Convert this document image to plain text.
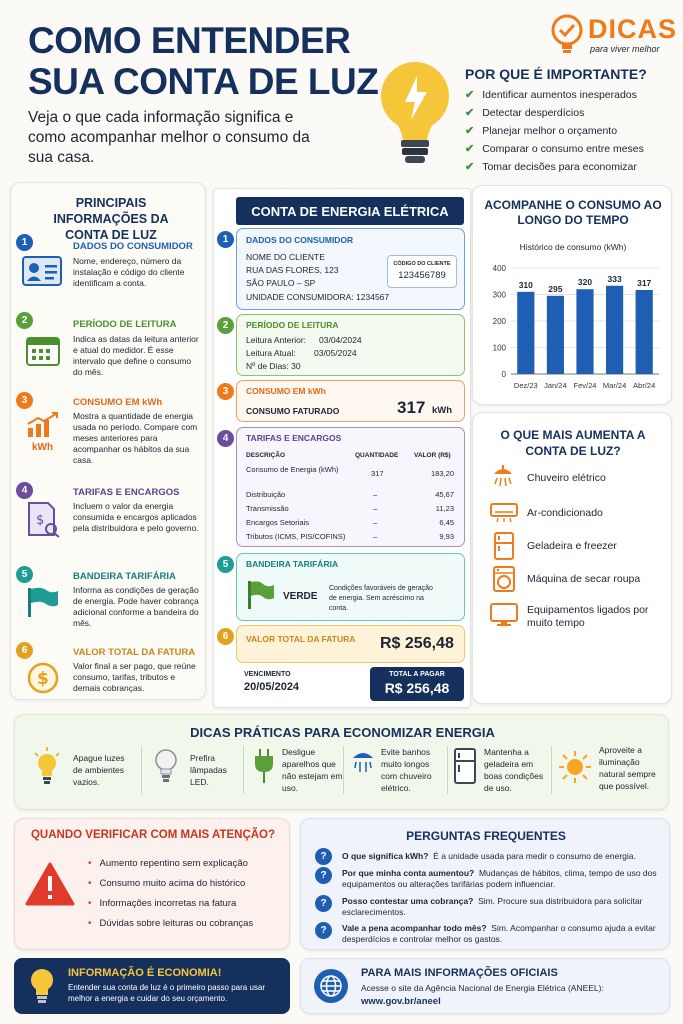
COMO ENTENDER
SUA CONTA DE LUZ
Veja o que cada informação significa e como acompanhar melhor o consumo da sua casa.
DICAS
para viver melhor
POR QUE É IMPORTANTE?
✔ Identificar aumentos inesperados
✔ Detectar desperdícios
✔ Planejar melhor o orçamento
✔ Comparar o consumo entre meses
✔ Tomar decisões para economizar
PRINCIPAIS INFORMAÇÕES DA CONTA DE LUZ
1	DADOS DO CONSUMIDOR
Nome, endereço, número da instalação e código do cliente identificam a conta.
2	PERÍODO DE LEITURA
Indica as datas da leitura anterior e atual do medidor. É esse intervalo que define o consumo do mês.
3
kWh
CONSUMO EM kWh
Mostra a quantidade de energia usada no período. Compare com meses anteriores para acompanhar os hábitos da sua casa.
4
$
TARIFAS E ENCARGOS
Incluem o valor da energia consumida e encargos aplicados pela distribuidora e pelo governo.
5	BANDEIRA TARIFÁRIA
Informa as condições de geração de energia. Pode haver cobrança adicional conforme a bandeira do mês.
6
$
VALOR TOTAL DA FATURA
Valor final a ser pago, que reúne consumo, tarifas, tributos e demais cobranças.
CONTA DE ENERGIA ELÉTRICA
1	DADOS DO CONSUMIDOR
NOME DO CLIENTE
RUA DAS FLORES, 123
SÃO PAULO – SP
UNIDADE CONSUMIDORA: 1234567
CÓDIGO DO CLIENTE
123456789
2	PERÍODO DE LEITURA
Leitura Anterior: 03/04/2024
Leitura Atual: 03/05/2024
Nº de Dias: 30
3	CONSUMO EM kWh
CONSUMO FATURADO	317 kWh
4	TARIFAS E ENCARGOS
DESCRIÇÃO	QUANTIDADE VALOR (R$)
Consumo de Energia (kWh)	317	183,20
Distribuição	–	45,67
Transmissão	–	11,23
Encargos Setoriais	–	6,45
Tributos (ICMS, PIS/COFINS)	–	9,93
5	BANDEIRA TARIFÁRIA
VERDE
Condições favoráveis de geração de energia. Sem acréscimo na conta.
6	VALOR TOTAL DA FATURA R$ 256,48
VENCIMENTO
20/05/2024
TOTAL A PAGAR
R$ 256,48
ACOMPANHE O CONSUMO AO LONGO DO TEMPO
Histórico de consumo (kWh)
0
100
200
300
400
310
Dez/23
295
Jan/24
320
Fev/24
333
Mar/24
317
Abr/24
O QUE MAIS AUMENTA A CONTA DE LUZ?
Chuveiro elétrico
Ar-condicionado
Geladeira e freezer
Máquina de secar roupa
Equipamentos ligados por muito tempo
DICAS PRÁTICAS PARA ECONOMIZAR ENERGIA
Apague luzes de ambientes vazios.
Prefira lâmpadas LED.
Desligue aparelhos que não estejam em uso.
Evite banhos muito longos com chuveiro elétrico.
Mantenha a geladeira em boas condições de uso.
Aproveite a iluminação natural sempre que possível.
QUANDO VERIFICAR COM MAIS ATENÇÃO?
• Aumento repentino sem explicação
• Consumo muito acima do histórico
• Informações incorretas na fatura
• Dúvidas sobre leituras ou cobranças
PERGUNTAS FREQUENTES
?	O que significa kWh? É a unidade usada para medir o consumo de energia.
?	Por que minha conta aumentou? Mudanças de hábitos, clima, tempo de uso dos equipamentos ou alterações tarifárias podem influenciar.
?	Posso contestar uma cobrança? Sim. Procure sua distribuidora para solicitar esclarecimentos.
?	Vale a pena acompanhar todo mês? Sim. Acompanhar o consumo ajuda a evitar desperdícios e controlar melhor os gastos.
INFORMAÇÃO É ECONOMIA!
Entender sua conta de luz é o primeiro passo para usar melhor a energia e cuidar do seu orçamento.
PARA MAIS INFORMAÇÕES OFICIAIS
Acesse o site da Agência Nacional de Energia Elétrica (ANEEL):
www.gov.br/aneel
